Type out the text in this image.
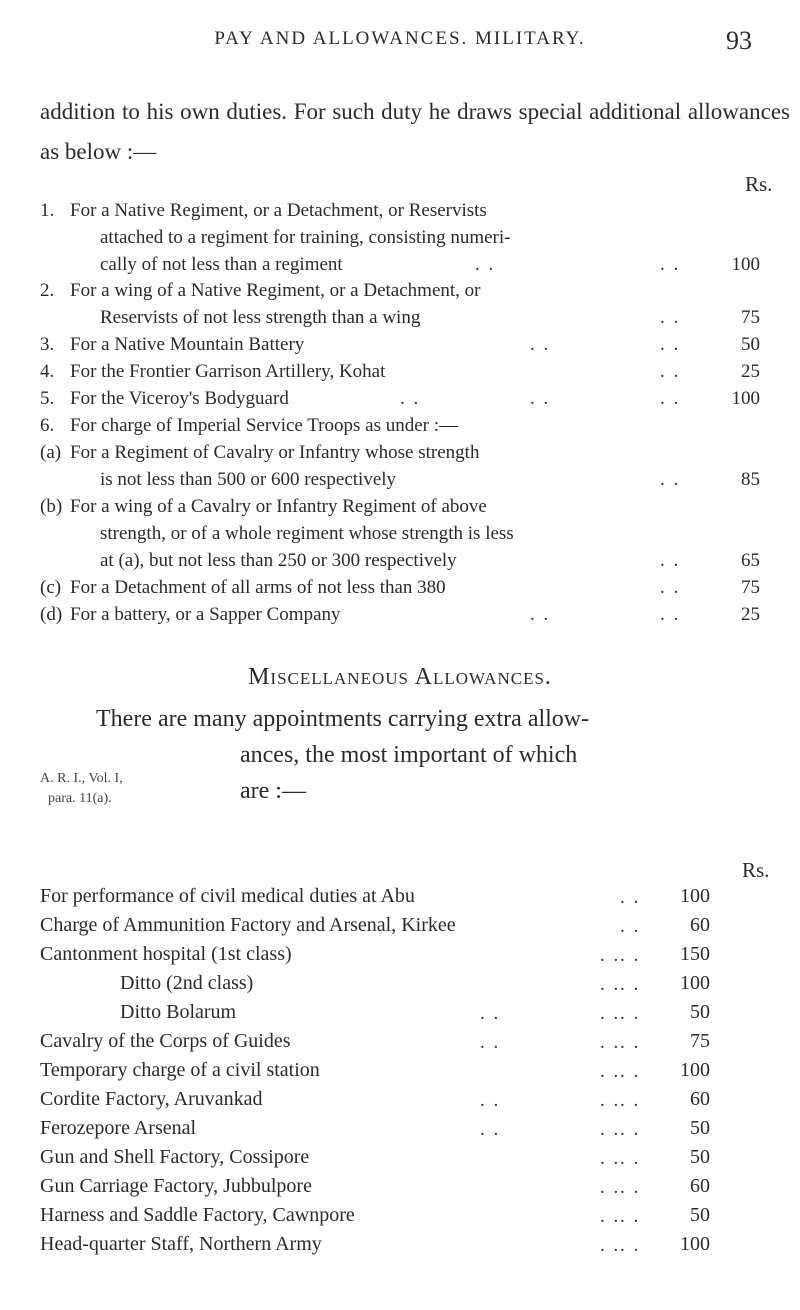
PAY AND ALLOWANCES. MILITARY.	93
addition to his own duties. For such duty he draws special additional allowances as below :—
Rs.
1. For a Native Regiment, or a Detachment, or Reservists
attached to a regiment for training, consisting numeri-
cally of not less than a regiment	. .	. .	100
2. For a wing of a Native Regiment, or a Detachment, or
Reservists of not less strength than a wing	. .	75
3. For a Native Mountain Battery	. .	. .	50
4. For the Frontier Garrison Artillery, Kohat	. .	25
5. For the Viceroy's Bodyguard	. .	. .	. .	100
6. For charge of Imperial Service Troops as under :—
(a) For a Regiment of Cavalry or Infantry whose strength
is not less than 500 or 600 respectively	. .	85
(b) For a wing of a Cavalry or Infantry Regiment of above
strength, or of a whole regiment whose strength is less
at (a), but not less than 250 or 300 respectively	. .	65
(c) For a Detachment of all arms of not less than 380	. .	75
(d) For a battery, or a Sapper Company	. .	. .	25
Miscellaneous Allowances.
There are many appointments carrying extra allow-
ances, the most important of which
are :—
A. R. I., Vol. I,
para. 11(a).
Rs.
For performance of civil medical duties at Abu	. .	100
Charge of Ammunition Factory and Arsenal, Kirkee	. .	60
Cantonment hospital (1st class)	. . . .	150
Ditto (2nd class)	. . . .	100
Ditto Bolarum	. .	. . . .	50
Cavalry of the Corps of Guides	. .	. . . .	75
Temporary charge of a civil station	. . . .	100
Cordite Factory, Aruvankad	. .	. . . .	60
Ferozepore Arsenal	. .	. . . .	50
Gun and Shell Factory, Cossipore	. . . .	50
Gun Carriage Factory, Jubbulpore	. . . .	60
Harness and Saddle Factory, Cawnpore	. . . .	50
Head-quarter Staff, Northern Army	. . . .	100
